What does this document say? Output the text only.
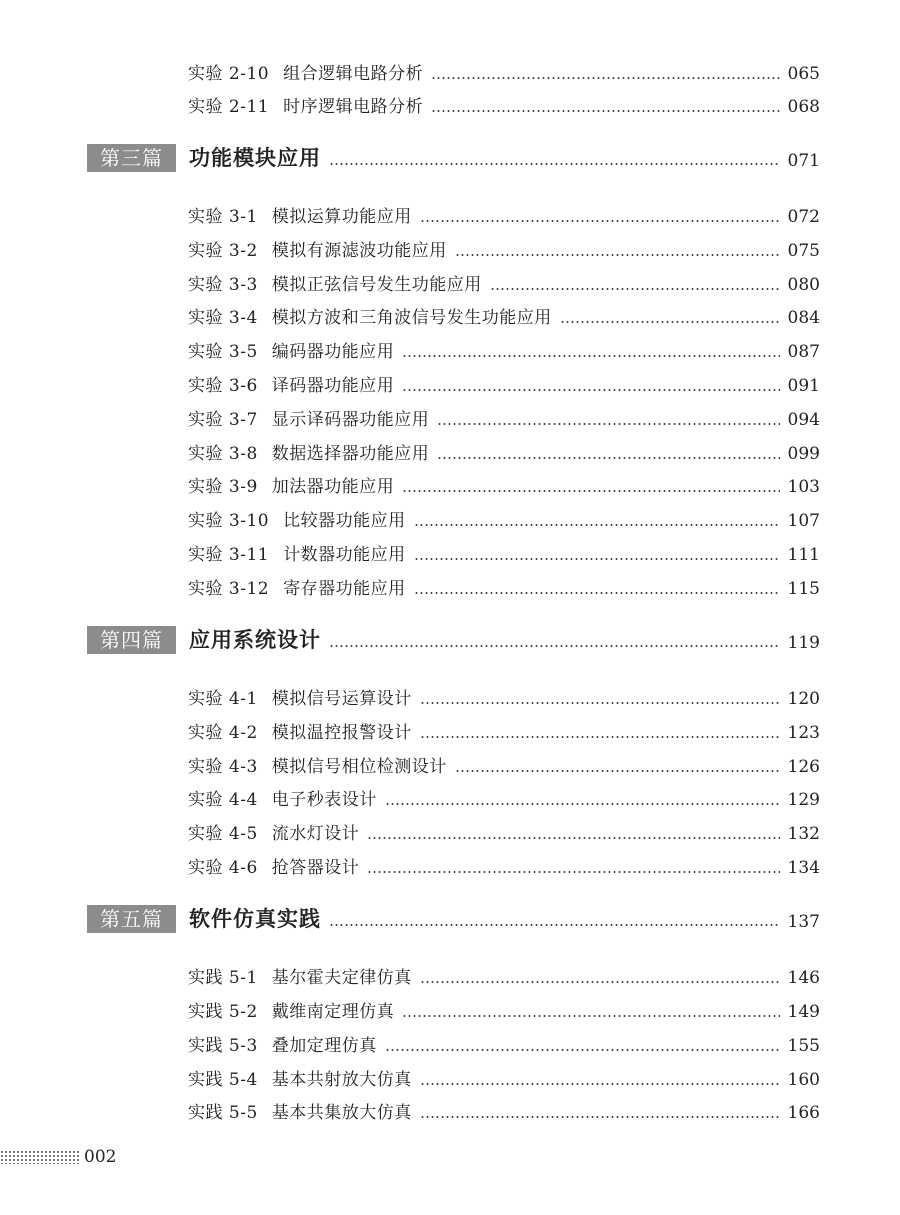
实验 2-10 组合逻辑电路分析	065
实验 2-11 时序逻辑电路分析	068
第三篇	功能模块应用	071
实验 3-1 模拟运算功能应用	072
实验 3-2 模拟有源滤波功能应用	075
实验 3-3 模拟正弦信号发生功能应用	080
实验 3-4 模拟方波和三角波信号发生功能应用	084
实验 3-5 编码器功能应用	087
实验 3-6 译码器功能应用	091
实验 3-7 显示译码器功能应用	094
实验 3-8 数据选择器功能应用	099
实验 3-9 加法器功能应用	103
实验 3-10 比较器功能应用	107
实验 3-11 计数器功能应用	111
实验 3-12 寄存器功能应用	115
第四篇	应用系统设计	119
实验 4-1 模拟信号运算设计	120
实验 4-2 模拟温控报警设计	123
实验 4-3 模拟信号相位检测设计	126
实验 4-4 电子秒表设计	129
实验 4-5 流水灯设计	132
实验 4-6 抢答器设计	134
第五篇	软件仿真实践	137
实践 5-1 基尔霍夫定律仿真	146
实践 5-2 戴维南定理仿真	149
实践 5-3 叠加定理仿真	155
实践 5-4 基本共射放大仿真	160
实践 5-5 基本共集放大仿真	166
002
